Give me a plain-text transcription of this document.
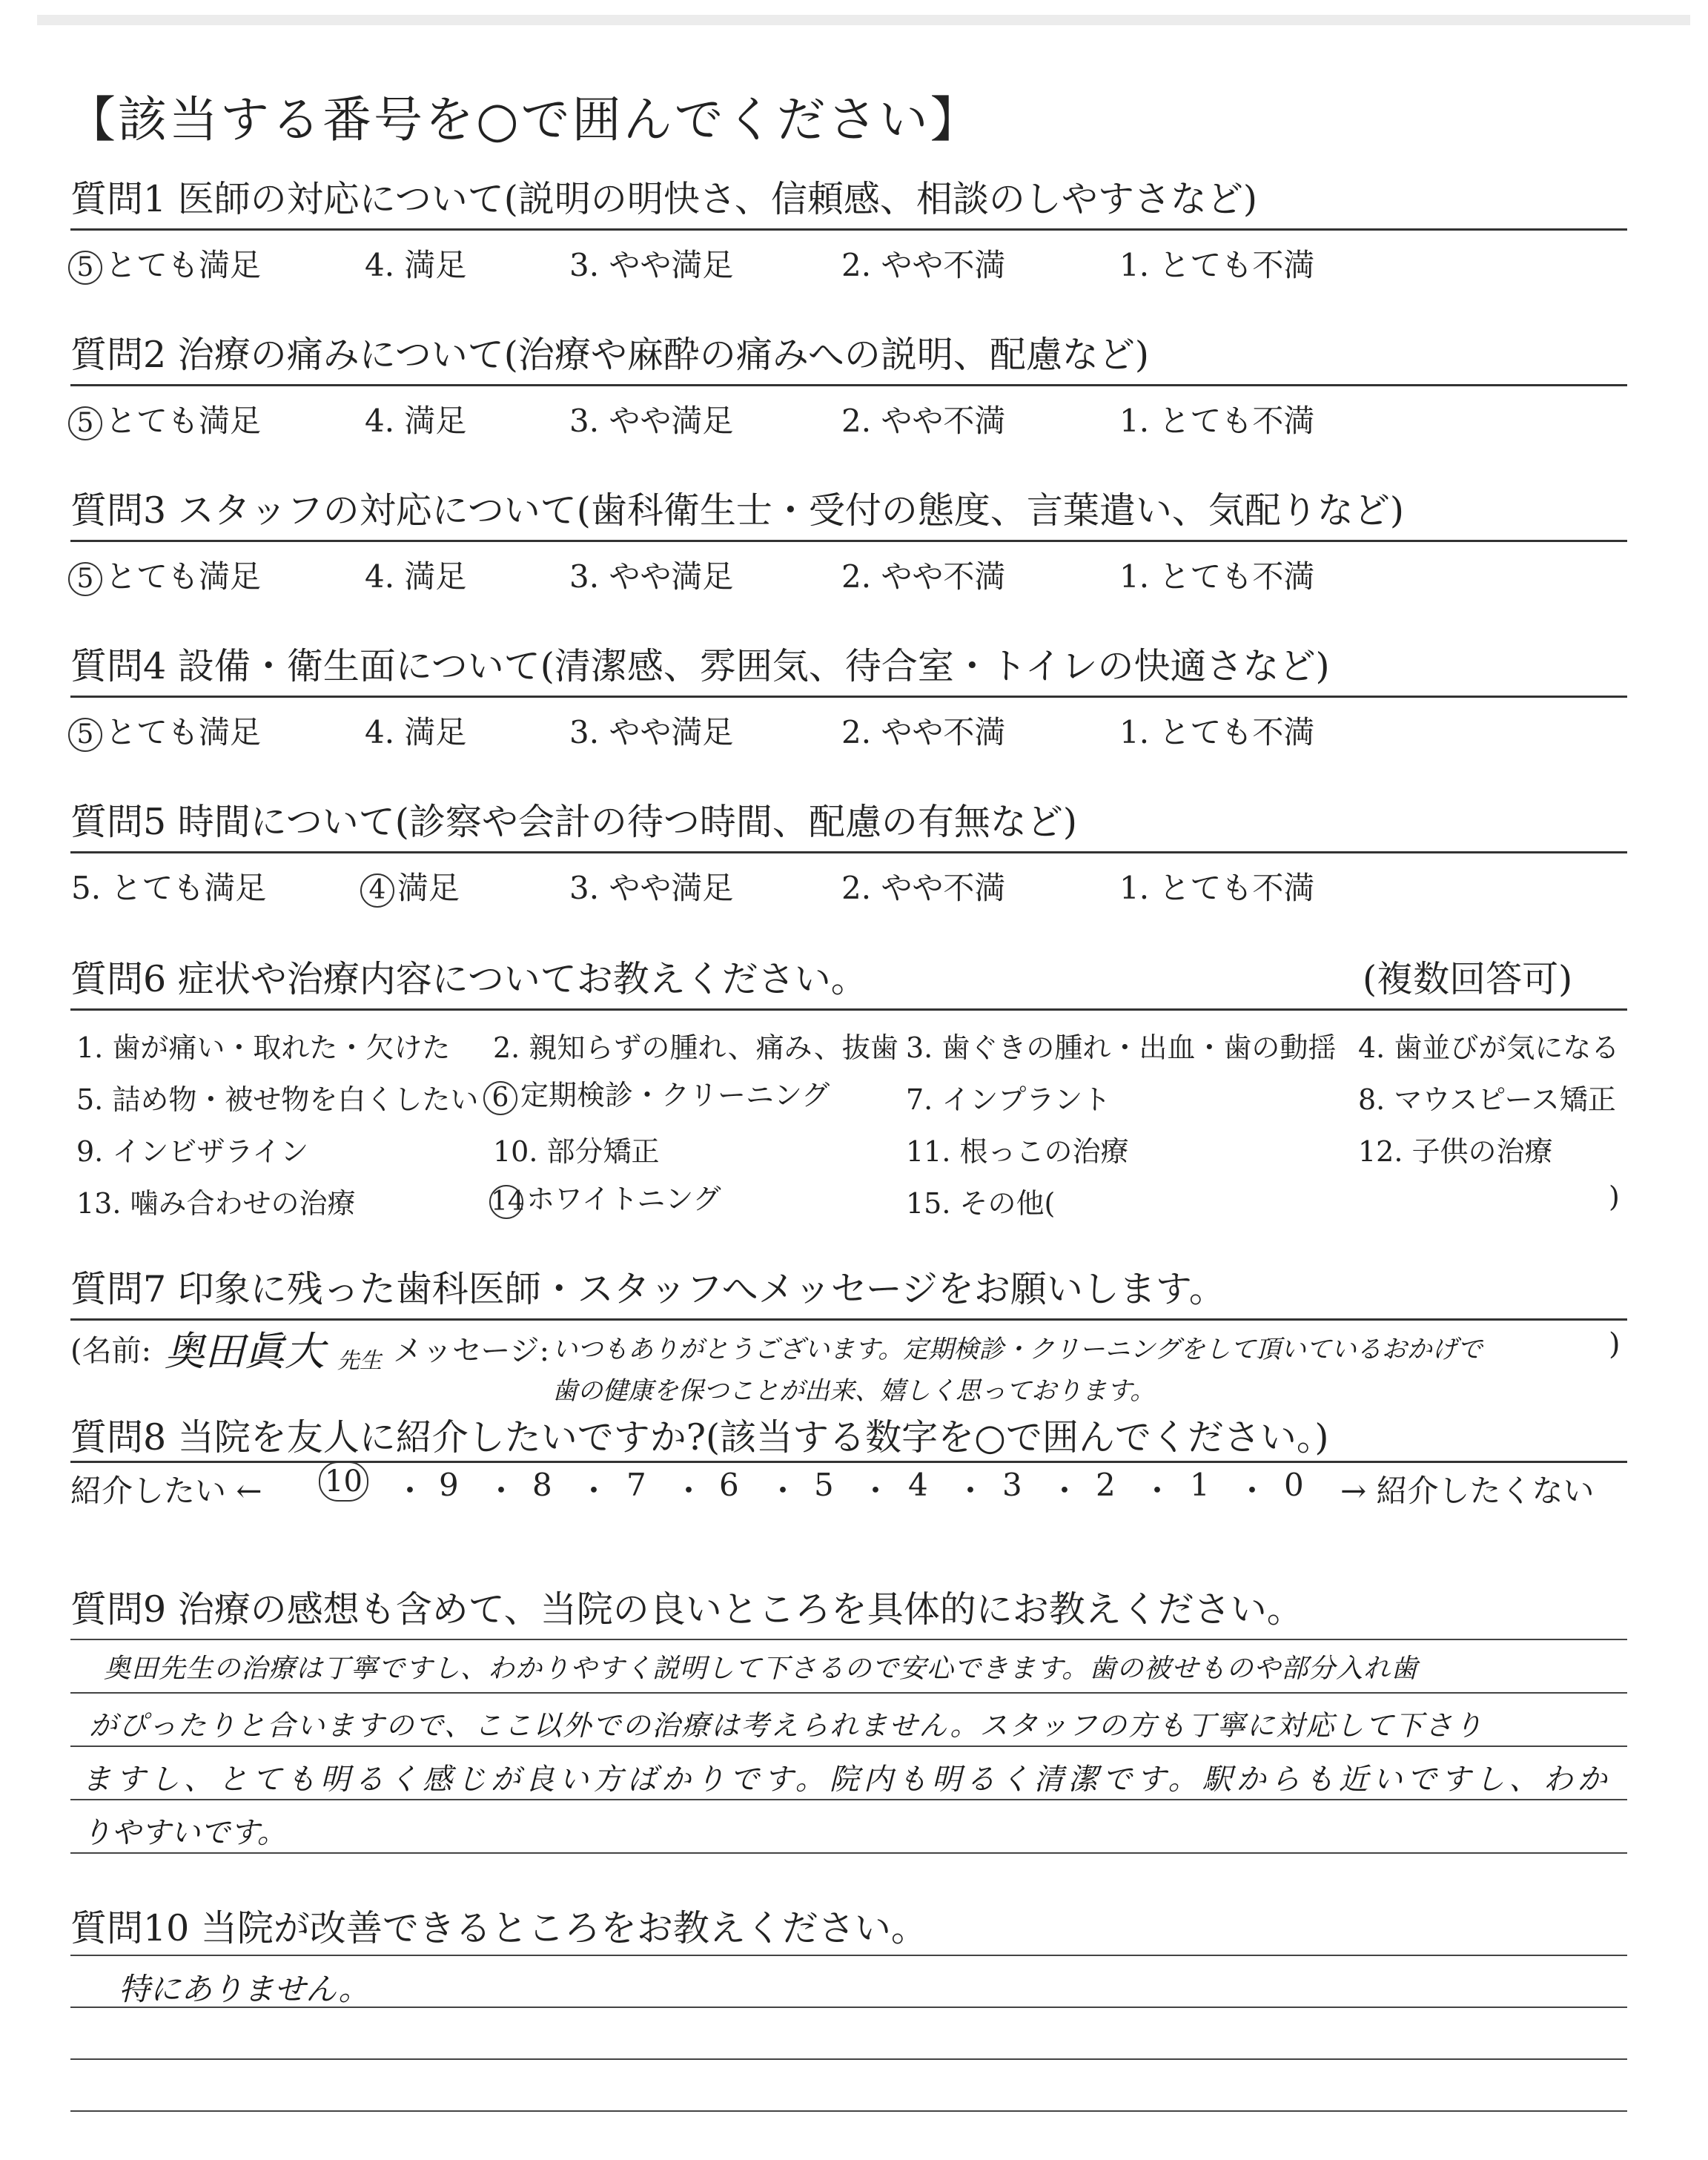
【該当する番号を○で囲んでください】
質問1 医師の対応について(説明の明快さ、信頼感、相談のしやすさなど)
5 とても満足	4. 満足	3. やや満足	2. やや不満	1. とても不満
質問2 治療の痛みについて(治療や麻酔の痛みへの説明、配慮など)
5 とても満足	4. 満足	3. やや満足	2. やや不満	1. とても不満
質問3 スタッフの対応について(歯科衛生士・受付の態度、言葉遣い、気配りなど)
5 とても満足	4. 満足	3. やや満足	2. やや不満	1. とても不満
質問4 設備・衛生面について(清潔感、雰囲気、待合室・トイレの快適さなど)
5 とても満足	4. 満足	3. やや満足	2. やや不満	1. とても不満
質問5 時間について(診察や会計の待つ時間、配慮の有無など)
5. とても満足	4 満足	3. やや満足	2. やや不満	1. とても不満
質問6 症状や治療内容についてお教えください。	(複数回答可)
1. 歯が痛い・取れた・欠けた 2. 親知らずの腫れ、痛み、抜歯 3. 歯ぐきの腫れ・出血・歯の動揺 4. 歯並びが気になる
5. 詰め物・被せ物を白くしたい 6 定期検診・クリーニング	7. インプラント	8. マウスピース矯正
9. インビザライン	10. 部分矯正	11. 根っこの治療	12. 子供の治療
13. 噛み合わせの治療	14ホワイトニング	15. その他(	)
質問7 印象に残った歯科医師・スタッフへメッセージをお願いします。
(名前: 奥田眞大 先生 メッセージ: いつもありがとうございます。定期検診・クリーニングをして頂いているおかげで
歯の健康を保つことが出来、嬉しく思っております。
)
質問8 当院を友人に紹介したいですか?(該当する数字を○で囲んでください。)
紹介したい ← 10 ・ 9 ・ 8 ・ 7 ・ 6 ・ 5 ・ 4 ・ 3 ・ 2 ・ 1 ・ 0 → 紹介したくない
質問9 治療の感想も含めて、当院の良いところを具体的にお教えください。
奥田先生の治療は丁寧ですし、わかりやすく説明して下さるので安心できます。歯の被せものや部分入れ歯
がぴったりと合いますので、ここ以外での治療は考えられません。スタッフの方も丁寧に対応して下さり
ますし、とても明るく感じが良い方ばかりです。院内も明るく清潔です。駅からも近いですし、わか
りやすいです。
質問10 当院が改善できるところをお教えください。
特にありません。
